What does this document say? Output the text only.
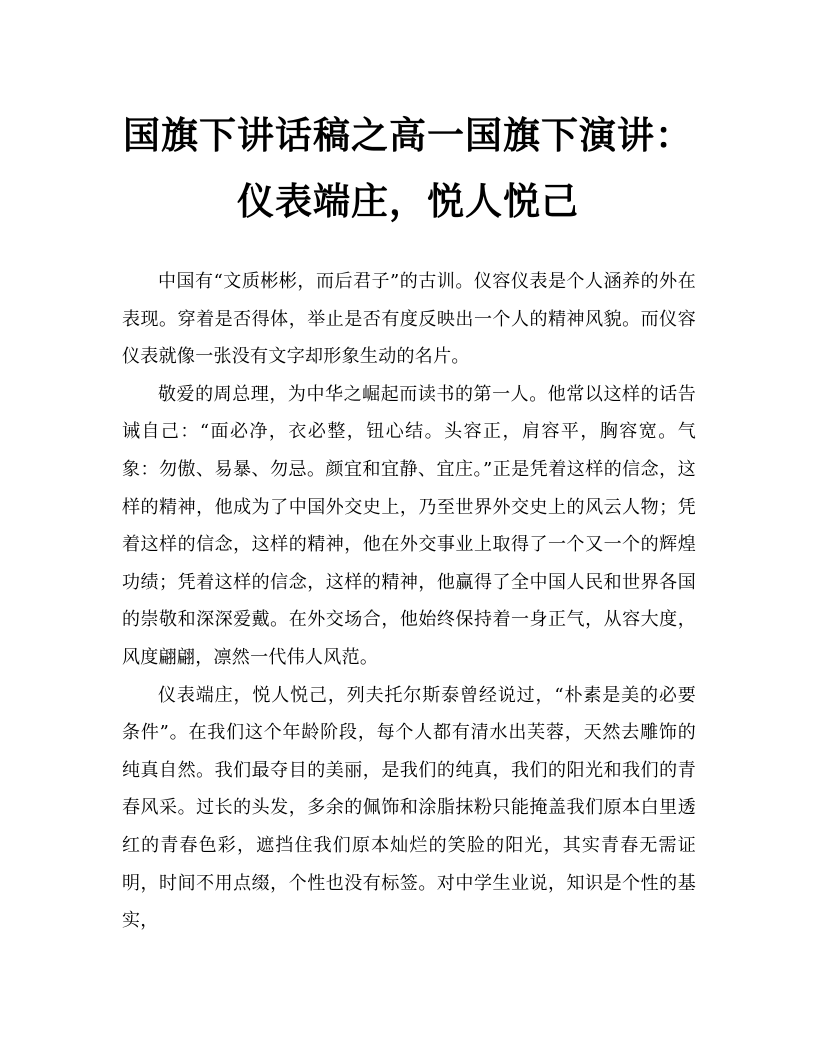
国旗下讲话稿之高一国旗下演讲：仪表端庄，悦人悦己

中国有“文质彬彬，而后君子”的古训。仪容仪表是个人涵养的外在表现。穿着是否得体，举止是否有度反映出一个人的精神风貌。而仪容仪表就像一张没有文字却形象生动的名片。

敬爱的周总理，为中华之崛起而读书的第一人。他常以这样的话告诫自己：“面必净，衣必整，钮心结。头容正，肩容平，胸容宽。气象：勿傲、易暴、勿忌。颜宜和宜静、宜庄。”正是凭着这样的信念，这样的精神，他成为了中国外交史上，乃至世界外交史上的风云人物；凭着这样的信念，这样的精神，他在外交事业上取得了一个又一个的辉煌功绩；凭着这样的信念，这样的精神，他赢得了全中国人民和世界各国的崇敬和深深爱戴。在外交场合，他始终保持着一身正气，从容大度，风度翩翩，凛然一代伟人风范。

仪表端庄，悦人悦己，列夫托尔斯泰曾经说过，“朴素是美的必要条件”。在我们这个年龄阶段，每个人都有清水出芙蓉，天然去雕饰的纯真自然。我们最夺目的美丽，是我们的纯真，我们的阳光和我们的青春风采。过长的头发，多余的佩饰和涂脂抹粉只能掩盖我们原本白里透红的青春色彩，遮挡住我们原本灿烂的笑脸的阳光，其实青春无需证明，时间不用点缀，个性也没有标签。对中学生业说，知识是个性的基实，
